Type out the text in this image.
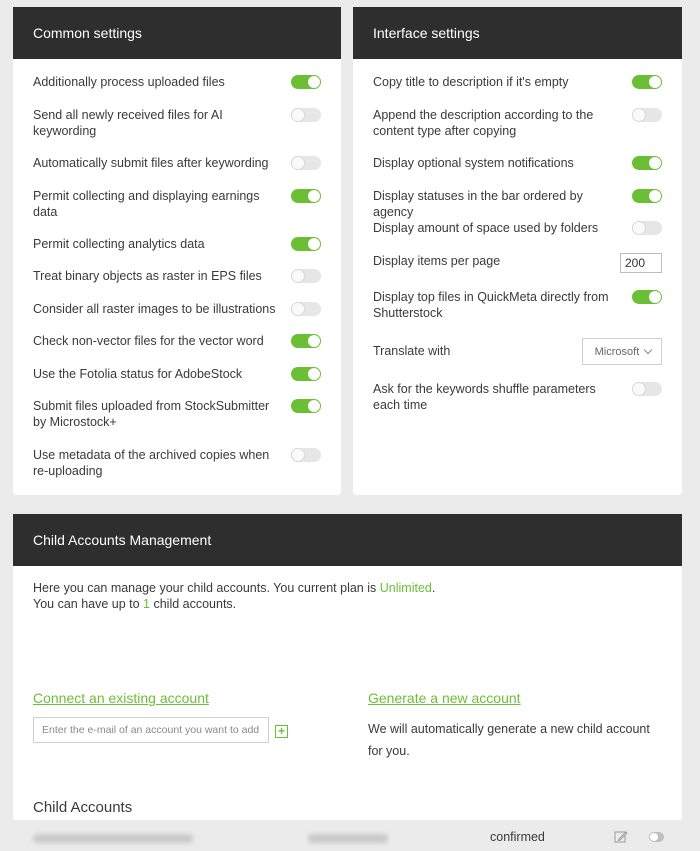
Common settings
Additionally process uploaded files
Send all newly received files for AI keywording
Automatically submit files after keywording
Permit collecting and displaying earnings data
Permit collecting analytics data
Treat binary objects as raster in EPS files
Consider all raster images to be illustrations
Check non-vector files for the vector word
Use the Fotolia status for AdobeStock
Submit files uploaded from StockSubmitter by Microstock+
Use metadata of the archived copies when re-uploading
Interface settings
Copy title to description if it's empty
Append the description according to the content type after copying
Display optional system notifications
Display statuses in the bar ordered by agency
Display amount of space used by folders
Display items per page
200
Display top files in QuickMeta directly from Shutterstock
Translate with	Microsoft
Ask for the keywords shuffle parameters each time
Child Accounts Management
Here you can manage your child accounts. You current plan is Unlimited.
You can have up to 1 child accounts.
Connect an existing account
Enter the e-mail of an account you want to add
+
Generate a new account
We will automatically generate a new child account for you.
Child Accounts
confirmed
